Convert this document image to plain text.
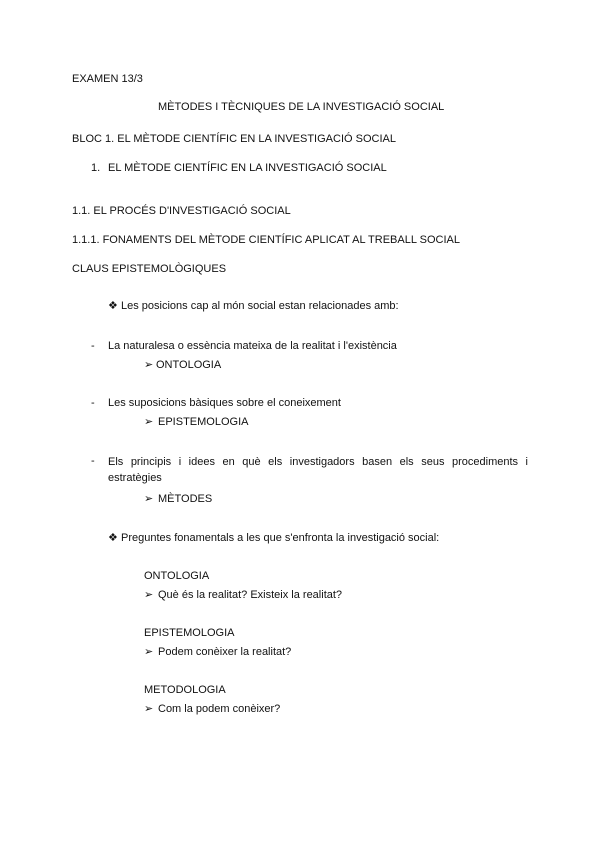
EXAMEN 13/3
MÈTODES I TÈCNIQUES DE LA INVESTIGACIÓ SOCIAL
BLOC 1. EL MÈTODE CIENTÍFIC EN LA INVESTIGACIÓ SOCIAL
1. EL MÈTODE CIENTÍFIC EN LA INVESTIGACIÓ SOCIAL
1.1. EL PROCÉS D'INVESTIGACIÓ SOCIAL
1.1.1. FONAMENTS DEL MÈTODE CIENTÍFIC APLICAT AL TREBALL SOCIAL
CLAUS EPISTEMOLÒGIQUES
❖ Les posicions cap al món social estan relacionades amb:
- La naturalesa o essència mateixa de la realitat i l'existència
➢ ONTOLOGIA
- Les suposicions bàsiques sobre el coneixement
➢ EPISTEMOLOGIA
- Els principis i idees en què els investigadors basen els seus procediments i estratègies
➢ MÈTODES
❖ Preguntes fonamentals a les que s'enfronta la investigació social:
ONTOLOGIA
➢ Què és la realitat? Existeix la realitat?
EPISTEMOLOGIA
➢ Podem conèixer la realitat?
METODOLOGIA
➢ Com la podem conèixer?
